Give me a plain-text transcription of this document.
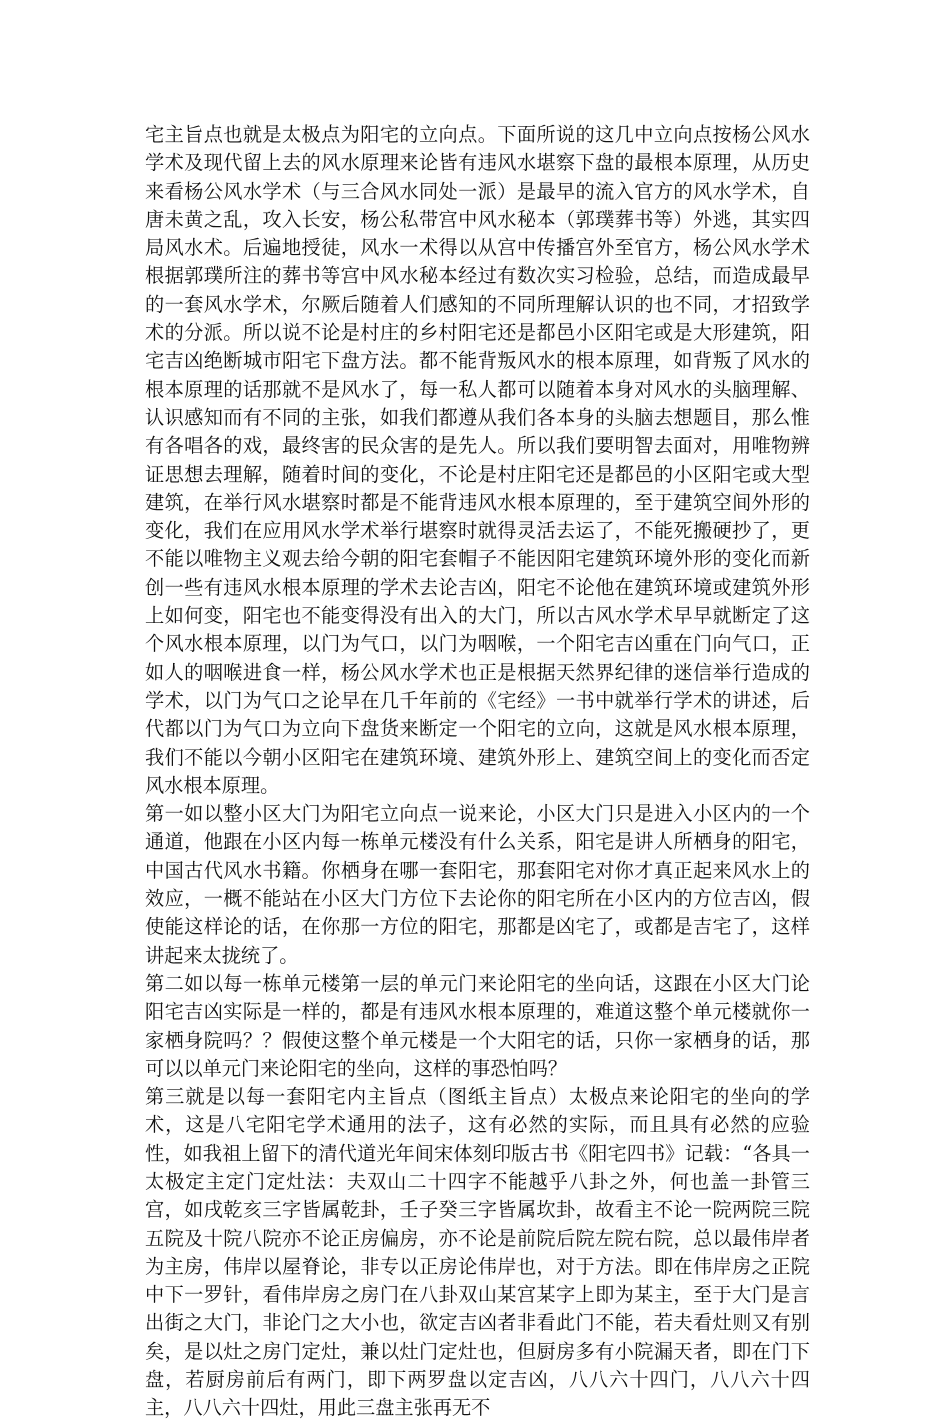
宅主旨点也就是太极点为阳宅的立向点。下面所说的这几中立向点按杨公风水学术及现代留上去的风水原理来论皆有违风水堪察下盘的最根本原理，从历史来看杨公风水学术（与三合风水同处一派）是最早的流入官方的风水学术，自唐未黄之乱，攻入长安，杨公私带宫中风水秘本（郭璞葬书等）外逃，其实四局风水术。后遍地授徒，风水一术得以从宫中传播宫外至官方，杨公风水学术根据郭璞所注的葬书等宫中风水秘本经过有数次实习检验，总结，而造成最早的一套风水学术，尔厥后随着人们感知的不同所理解认识的也不同，才招致学术的分派。所以说不论是村庄的乡村阳宅还是都邑小区阳宅或是大形建筑，阳宅吉凶绝断城市阳宅下盘方法。都不能背叛风水的根本原理，如背叛了风水的根本原理的话那就不是风水了，每一私人都可以随着本身对风水的头脑理解、认识感知而有不同的主张，如我们都遵从我们各本身的头脑去想题目，那么惟有各唱各的戏，最终害的民众害的是先人。所以我们要明智去面对，用唯物辨证思想去理解，随着时间的变化，不论是村庄阳宅还是都邑的小区阳宅或大型建筑，在举行风水堪察时都是不能背违风水根本原理的，至于建筑空间外形的变化，我们在应用风水学术举行堪察时就得灵活去运了，不能死搬硬抄了，更不能以唯物主义观去给今朝的阳宅套帽子不能因阳宅建筑环境外形的变化而新创一些有违风水根本原理的学术去论吉凶，阳宅不论他在建筑环境或建筑外形上如何变，阳宅也不能变得没有出入的大门，所以古风水学术早早就断定了这个风水根本原理，以门为气口，以门为咽喉，一个阳宅吉凶重在门向气口，正如人的咽喉进食一样，杨公风水学术也正是根据天然界纪律的迷信举行造成的学术，以门为气口之论早在几千年前的《宅经》一书中就举行学术的讲述，后代都以门为气口为立向下盘货来断定一个阳宅的立向，这就是风水根本原理，我们不能以今朝小区阳宅在建筑环境、建筑外形上、建筑空间上的变化而否定风水根本原理。

第一如以整小区大门为阳宅立向点一说来论，小区大门只是进入小区内的一个通道，他跟在小区内每一栋单元楼没有什么关系，阳宅是讲人所栖身的阳宅，中国古代风水书籍。你栖身在哪一套阳宅，那套阳宅对你才真正起来风水上的效应，一概不能站在小区大门方位下去论你的阳宅所在小区内的方位吉凶，假使能这样论的话，在你那一方位的阳宅，那都是凶宅了，或都是吉宅了，这样讲起来太拢统了。

第二如以每一栋单元楼第一层的单元门来论阳宅的坐向话，这跟在小区大门论阳宅吉凶实际是一样的，都是有违风水根本原理的，难道这整个单元楼就你一家栖身院吗？？假使这整个单元楼是一个大阳宅的话，只你一家栖身的话，那可以以单元门来论阳宅的坐向，这样的事恐怕吗？

第三就是以每一套阳宅内主旨点（图纸主旨点）太极点来论阳宅的坐向的学术，这是八宅阳宅学术通用的法子，这有必然的实际，而且具有必然的应验性，如我祖上留下的清代道光年间宋体刻印版古书《阳宅四书》记载：“各具一太极定主定门定灶法：夫双山二十四字不能越乎八卦之外，何也盖一卦管三宫，如戌乾亥三字皆属乾卦，壬子癸三字皆属坎卦，故看主不论一院两院三院五院及十院八院亦不论正房偏房，亦不论是前院后院左院右院，总以最伟岸者为主房，伟岸以屋脊论，非专以正房论伟岸也，对于方法。即在伟岸房之正院中下一罗针，看伟岸房之房门在八卦双山某宫某字上即为某主，至于大门是言出街之大门，非论门之大小也，欲定吉凶者非看此门不能，若夫看灶则又有别矣，是以灶之房门定灶，兼以灶门定灶也，但厨房多有小院漏天者，即在门下盘，若厨房前后有两门，即下两罗盘以定吉凶，八八六十四门，八八六十四主，八八六十四灶，用此三盘主张再无不
